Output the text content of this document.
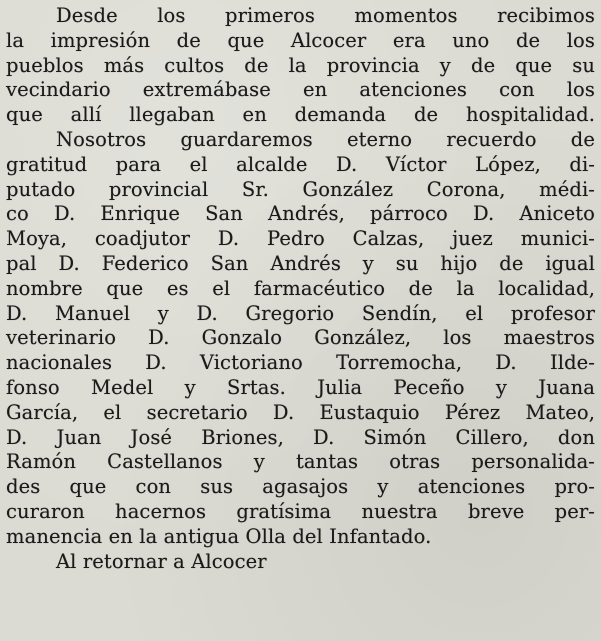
Desde los primeros momentos recibimos
la impresión de que Alcocer era uno de los
pueblos más cultos de la provincia y de que su
vecindario extremábase en atenciones con los
que allí llegaban en demanda de hospitalidad.

Nosotros guardaremos eterno recuerdo de
gratitud para el alcalde D. Víctor López, di-
putado provincial Sr. González Corona, médi-
co D. Enrique San Andrés, párroco D. Aniceto
Moya, coadjutor D. Pedro Calzas, juez munici-
pal D. Federico San Andrés y su hijo de igual
nombre que es el farmacéutico de la localidad,
D. Manuel y D. Gregorio Sendín, el profesor
veterinario D. Gonzalo González, los maestros
nacionales D. Victoriano Torremocha, D. Ilde-
fonso Medel y Srtas. Julia Peceño y Juana
García, el secretario D. Eustaquio Pérez Mateo,
D. Juan José Briones, D. Simón Cillero, don
Ramón Castellanos y tantas otras personalida-
des que con sus agasajos y atenciones pro-
curaron hacernos gratísima nuestra breve per-
manencia en la antigua Olla del Infantado.

Al retornar a Alcocer
